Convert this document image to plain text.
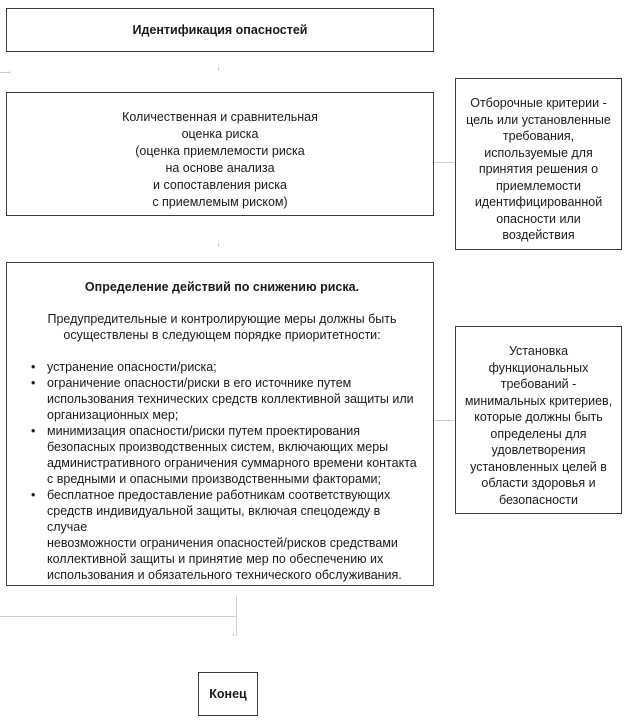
→	↓
↓
→
↓
Идентификация опасностей
Количественная и сравнительная
оценка риска
(оценка приемлемости риска
на основе анализа
и сопоставления риска
с приемлемым риском)
Отборочные критерии -
цель или установленные
требования,
используемые для
принятия решения о
приемлемости
идентифицированной
опасности или
воздействия
Определение действий по снижению риска.
Предупредительные и контролирующие меры должны быть
осуществлены в следующем порядке приоритетности:
• устранение опасности/риска;
• ограничение опасности/риски в его источнике путем
использования технических средств коллективной защиты или
организационных мер;
• минимизация опасности/риски путем проектирования
безопасных производственных систем, включающих меры
административного ограничения суммарного времени контакта
с вредными и опасными производственными факторами;
• бесплатное предоставление работникам соответствующих
средств индивидуальной защиты, включая спецодежду в случае
невозможности ограничения опасностей/рисков средствами
коллективной защиты и принятие мер по обеспечению их
использования и обязательного технического обслуживания.
Установка
функциональных
требований -
минимальных критериев,
которые должны быть
определены для
удовлетворения
установленных целей в
области здоровья и
безопасности
Конец
